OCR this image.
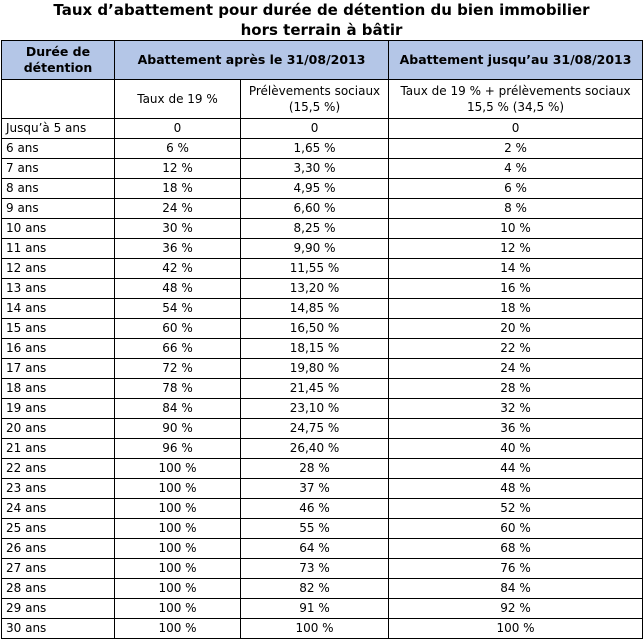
Taux d’abattement pour durée de détention du bien immobilier
hors terrain à bâtir
Durée de détention	Abattement après le 31/08/2013		Abattement jusqu’au 31/08/2013
	Taux de 19 %	Prélèvements sociaux (15,5 %)	Taux de 19 % + prélèvements sociaux 15,5 % (34,5 %)
Jusqu’à 5 ans	0	0	0
6 ans	6 %	1,65 %	2 %
7 ans	12 %	3,30 %	4 %
8 ans	18 %	4,95 %	6 %
9 ans	24 %	6,60 %	8 %
10 ans	30 %	8,25 %	10 %
11 ans	36 %	9,90 %	12 %
12 ans	42 %	11,55 %	14 %
13 ans	48 %	13,20 %	16 %
14 ans	54 %	14,85 %	18 %
15 ans	60 %	16,50 %	20 %
16 ans	66 %	18,15 %	22 %
17 ans	72 %	19,80 %	24 %
18 ans	78 %	21,45 %	28 %
19 ans	84 %	23,10 %	32 %
20 ans	90 %	24,75 %	36 %
21 ans	96 %	26,40 %	40 %
22 ans	100 %	28 %	44 %
23 ans	100 %	37 %	48 %
24 ans	100 %	46 %	52 %
25 ans	100 %	55 %	60 %
26 ans	100 %	64 %	68 %
27 ans	100 %	73 %	76 %
28 ans	100 %	82 %	84 %
29 ans	100 %	91 %	92 %
30 ans	100 %	100 %	100 %
